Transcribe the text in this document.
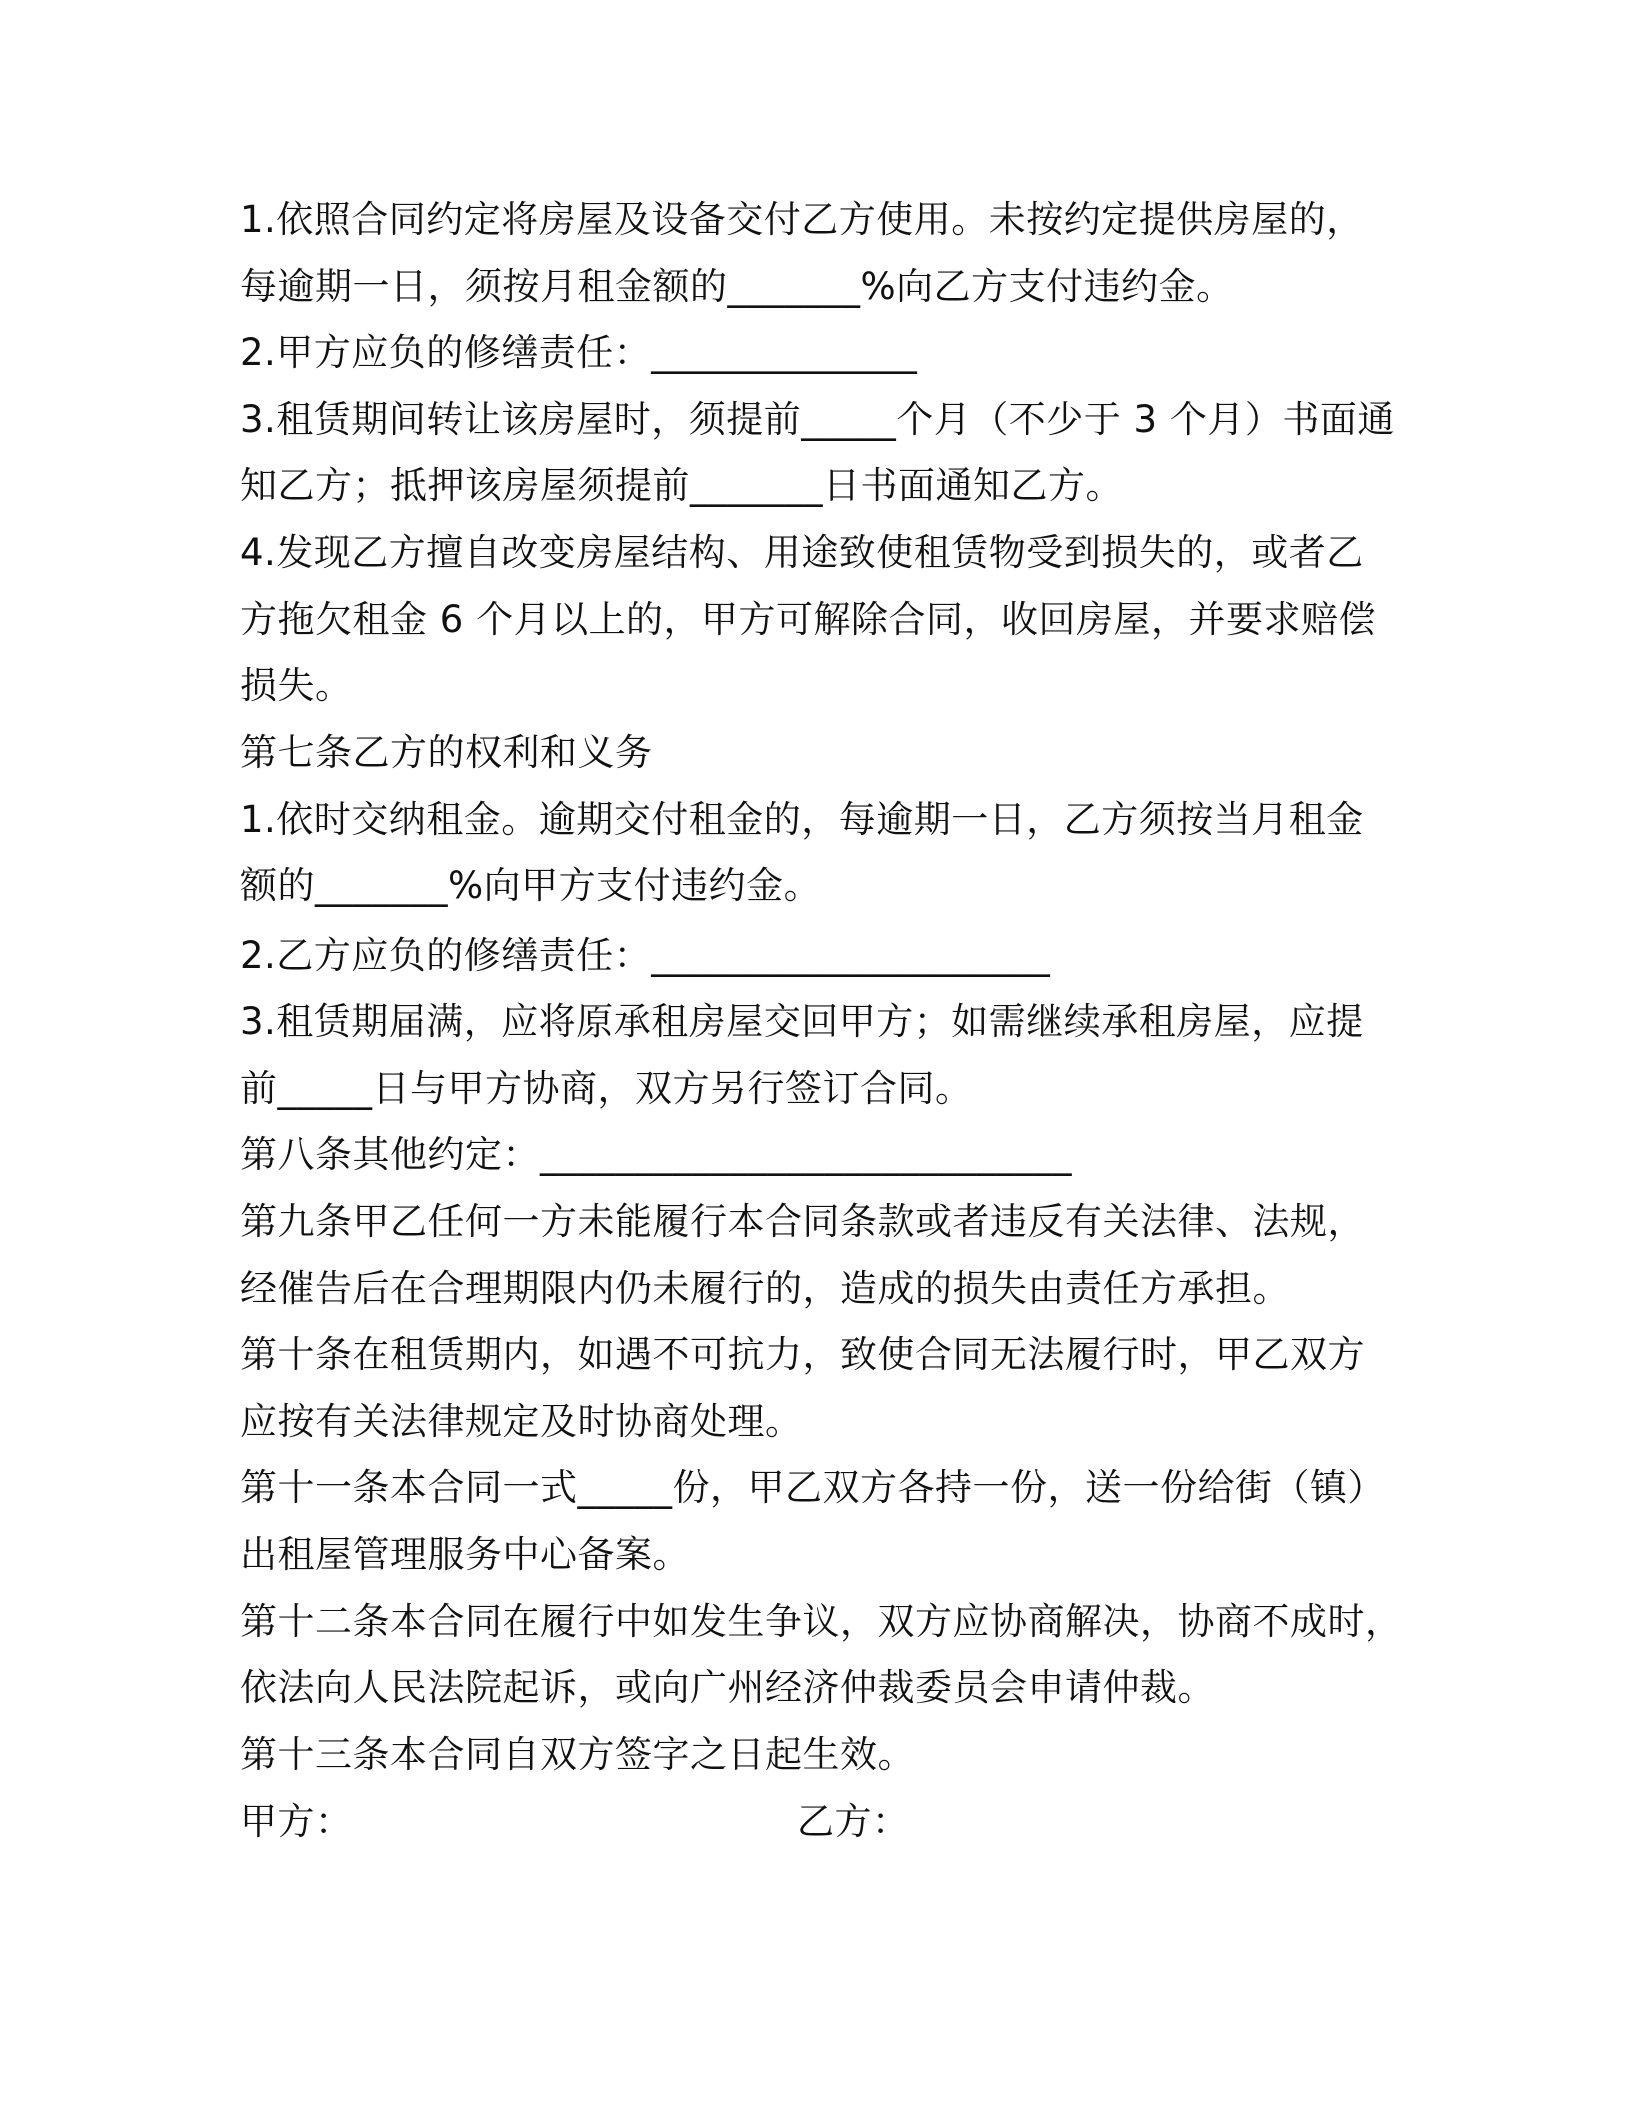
1.依照合同约定将房屋及设备交付乙方使用。未按约定提供房屋的，
每逾期一日，须按月租金额的_______%向乙方支付违约金。
2.甲方应负的修缮责任：______________
3.租赁期间转让该房屋时，须提前_____个月（不少于 3 个月）书面通
知乙方；抵押该房屋须提前_______日书面通知乙方。
4.发现乙方擅自改变房屋结构、用途致使租赁物受到损失的，或者乙
方拖欠租金 6 个月以上的，甲方可解除合同，收回房屋，并要求赔偿
损失。
第七条乙方的权利和义务
1.依时交纳租金。逾期交付租金的，每逾期一日，乙方须按当月租金
额的_______%向甲方支付违约金。
2.乙方应负的修缮责任：_____________________
3.租赁期届满，应将原承租房屋交回甲方；如需继续承租房屋，应提
前_____日与甲方协商，双方另行签订合同。
第八条其他约定：____________________________
第九条甲乙任何一方未能履行本合同条款或者违反有关法律、法规，
经催告后在合理期限内仍未履行的，造成的损失由责任方承担。
第十条在租赁期内，如遇不可抗力，致使合同无法履行时，甲乙双方
应按有关法律规定及时协商处理。
第十一条本合同一式_____份，甲乙双方各持一份，送一份给街（镇）
出租屋管理服务中心备案。
第十二条本合同在履行中如发生争议，双方应协商解决，协商不成时，
依法向人民法院起诉，或向广州经济仲裁委员会申请仲裁。
第十三条本合同自双方签字之日起生效。
甲方：	乙方：
